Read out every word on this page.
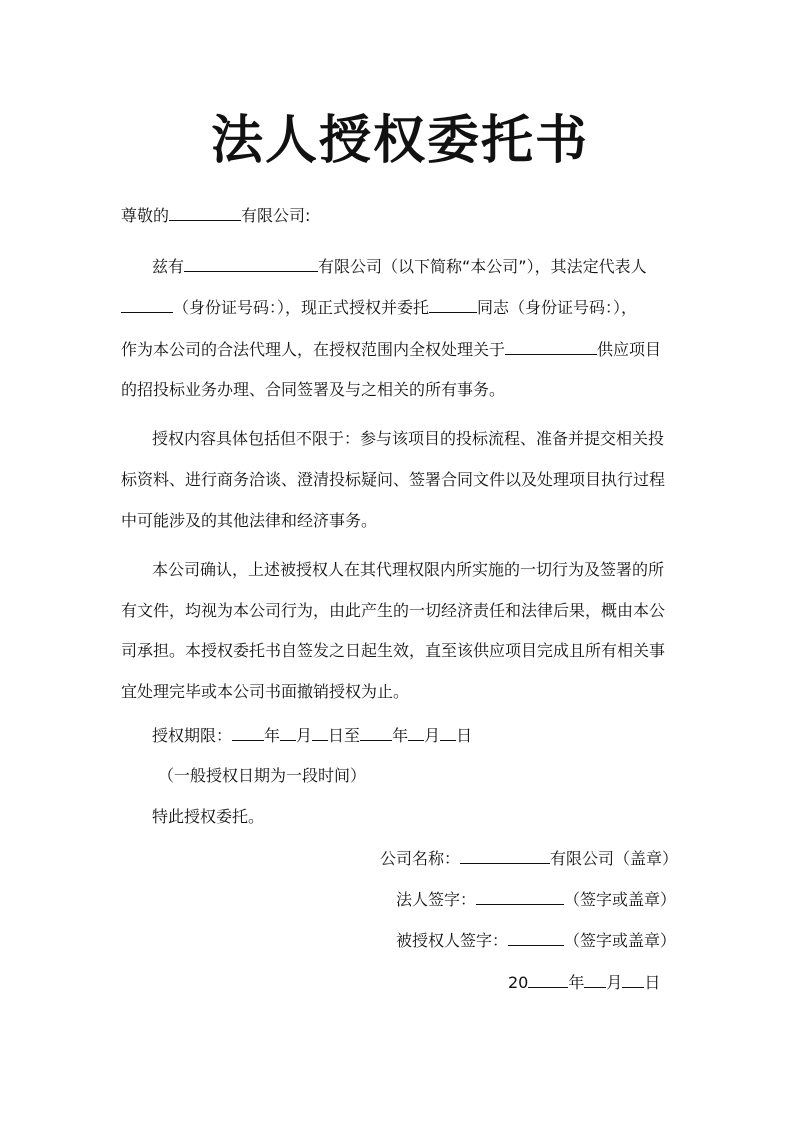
法人授权委托书
尊敬的	有限公司:
兹有	有限公司（以下简称“本公司”），其法定代表人
（身份证号码：），现正式授权并委托	同志（身份证号码：），
作为本公司的合法代理人，在授权范围内全权处理关于	供应项目
的招投标业务办理、合同签署及与之相关的所有事务。
授权内容具体包括但不限于：参与该项目的投标流程、准备并提交相关投
标资料、进行商务洽谈、澄清投标疑问、签署合同文件以及处理项目执行过程
中可能涉及的其他法律和经济事务。
本公司确认，上述被授权人在其代理权限内所实施的一切行为及签署的所
有文件，均视为本公司行为，由此产生的一切经济责任和法律后果，概由本公
司承担。本授权委托书自签发之日起生效，直至该供应项目完成且所有相关事
宜处理完毕或本公司书面撤销授权为止。
授权期限： 年 月 日至 年 月 日
（一般授权日期为一段时间）
特此授权委托。
公司名称：	有限公司（盖章）
法人签字：	（签字或盖章）
被授权人签字：	（签字或盖章）
20	年 月 日
